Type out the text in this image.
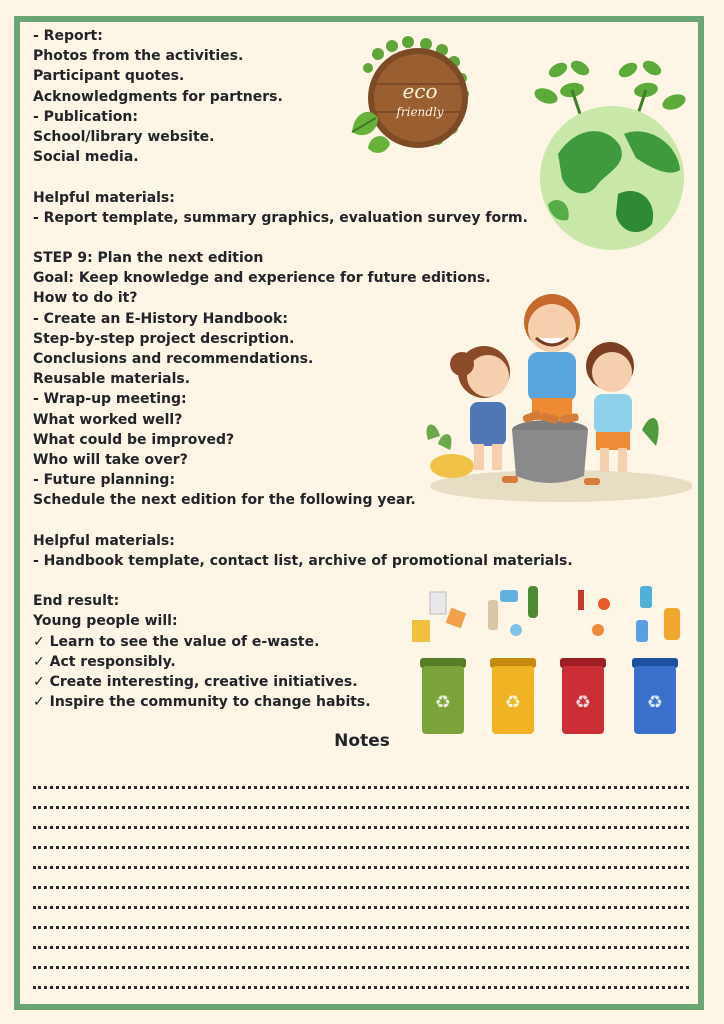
- Report:
Photos from the activities.
Participant quotes.
Acknowledgments for partners.
- Publication:
School/library website.
Social media.
Helpful materials:
- Report template, summary graphics, evaluation survey form.
STEP 9: Plan the next edition
Goal: Keep knowledge and experience for future editions.
How to do it?
- Create an E-History Handbook:
Step-by-step project description.
Conclusions and recommendations.
Reusable materials.
- Wrap-up meeting:
What worked well?
What could be improved?
Who will take over?
- Future planning:
Schedule the next edition for the following year.
Helpful materials:
- Handbook template, contact list, archive of promotional materials.
End result:
Young people will:
✓ Learn to see the value of e-waste.
✓ Act responsibly.
✓ Create interesting, creative initiatives.
✓ Inspire the community to change habits.
eco
friendly
♻	♻	♻	♻
Notes
